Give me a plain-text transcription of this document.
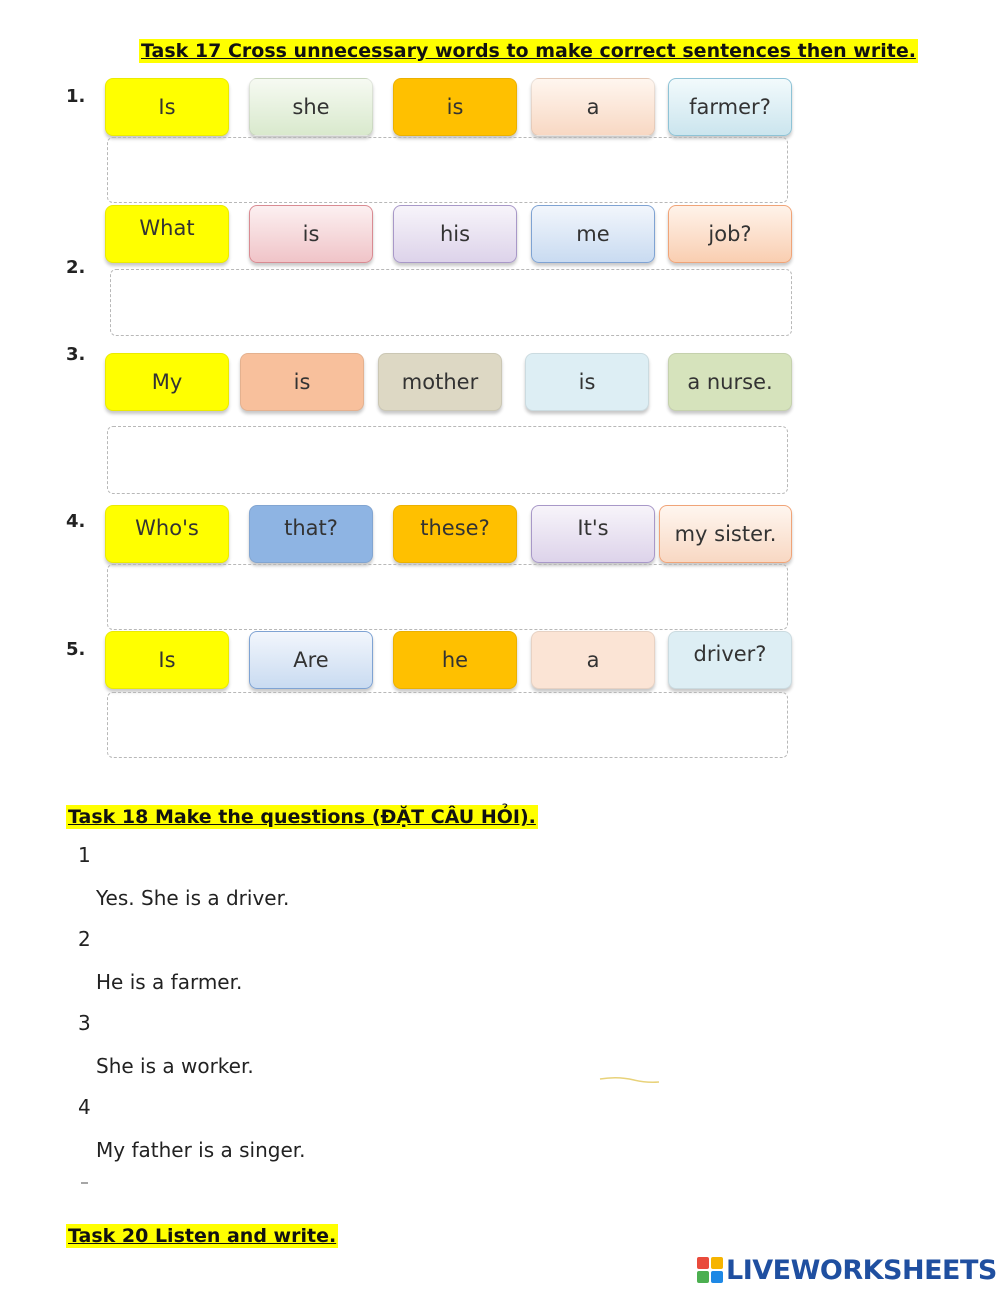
Task 17 Cross unnecessary words to make correct sentences then write.
1.	Is	she	is	a	farmer?
2.
What	is	his	me	job?
3.
My	is	mother	is	a nurse.
4.	Who's	that?	these?	It's	my sister.
5.	Is	Are	he	a	driver?
Task 18 Make the questions (ĐẶT CÂU HỎI).
1
Yes. She is a driver.
2
He is a farmer.
3
She is a worker.
4
My father is a singer.
Task 20 Listen and write.
LIVEWORKSHEETS
